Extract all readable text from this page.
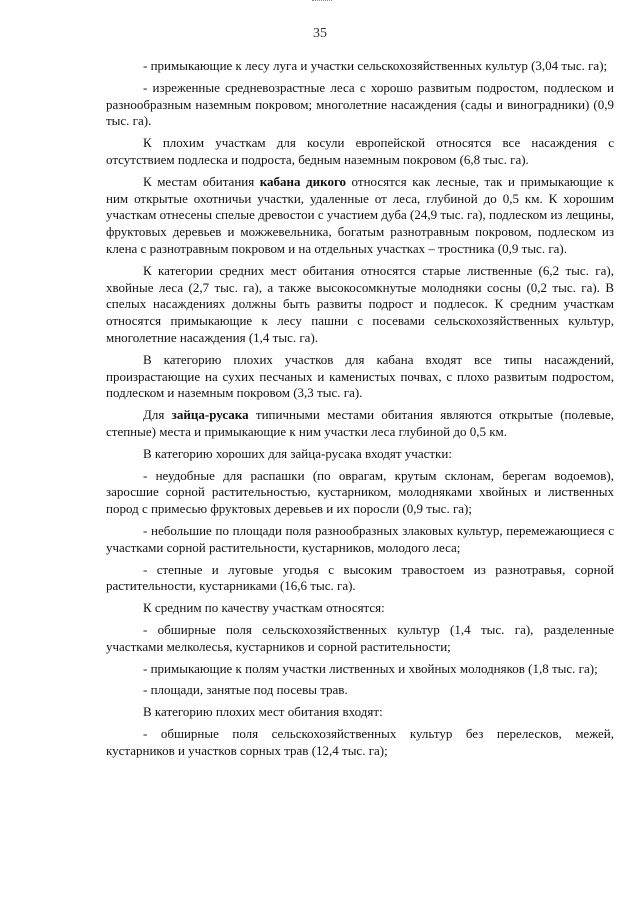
35

- примыкающие к лесу луга и участки сельскохозяйственных культур (3,04 тыс. га);

- изреженные средневозрастные леса с хорошо развитым подростом, подлеском и разнообразным наземным покровом; многолетние насаждения (сады и виноградники) (0,9 тыс. га).

К плохим участкам для косули европейской относятся все насаждения с отсутствием подлеска и подроста, бедным наземным покровом (6,8 тыс. га).

К местам обитания кабана дикого относятся как лесные, так и примыкающие к ним открытые охотничьи участки, удаленные от леса, глубиной до 0,5 км. К хорошим участкам отнесены спелые древостои с участием дуба (24,9 тыс. га), подлеском из лещины, фруктовых деревьев и можжевельника, богатым разнотравным покровом, подлеском из клена с разнотравным покровом и на отдельных участках – тростника (0,9 тыс. га).

К категории средних мест обитания относятся старые лиственные (6,2 тыс. га), хвойные леса (2,7 тыс. га), а также высокосомкнутые молодняки сосны (0,2 тыс. га). В спелых насаждениях должны быть развиты подрост и подлесок. К средним участкам относятся примыкающие к лесу пашни с посевами сельскохозяйственных культур, многолетние насаждения (1,4 тыс. га).

В категорию плохих участков для кабана входят все типы насаждений, произрастающие на сухих песчаных и каменистых почвах, с плохо развитым подростом, подлеском и наземным покровом (3,3 тыс. га).

Для зайца-русака типичными местами обитания являются открытые (полевые, степные) места и примыкающие к ним участки леса глубиной до 0,5 км.

В категорию хороших для зайца-русака входят участки:

- неудобные для распашки (по оврагам, крутым склонам, берегам водоемов), заросшие сорной растительностью, кустарником, молодняками хвойных и лиственных пород с примесью фруктовых деревьев и их поросли (0,9 тыс. га);

- небольшие по площади поля разнообразных злаковых культур, перемежающиеся с участками сорной растительности, кустарников, молодого леса;

- степные и луговые угодья с высоким травостоем из разнотравья, сорной растительности, кустарниками (16,6 тыс. га).

К средним по качеству участкам относятся:

- обширные поля сельскохозяйственных культур (1,4 тыс. га), разделенные участками мелколесья, кустарников и сорной растительности;

- примыкающие к полям участки лиственных и хвойных молодняков (1,8 тыс. га);

- площади, занятые под посевы трав.

В категорию плохих мест обитания входят:

- обширные поля сельскохозяйственных культур без перелесков, межей, кустарников и участков сорных трав (12,4 тыс. га);
